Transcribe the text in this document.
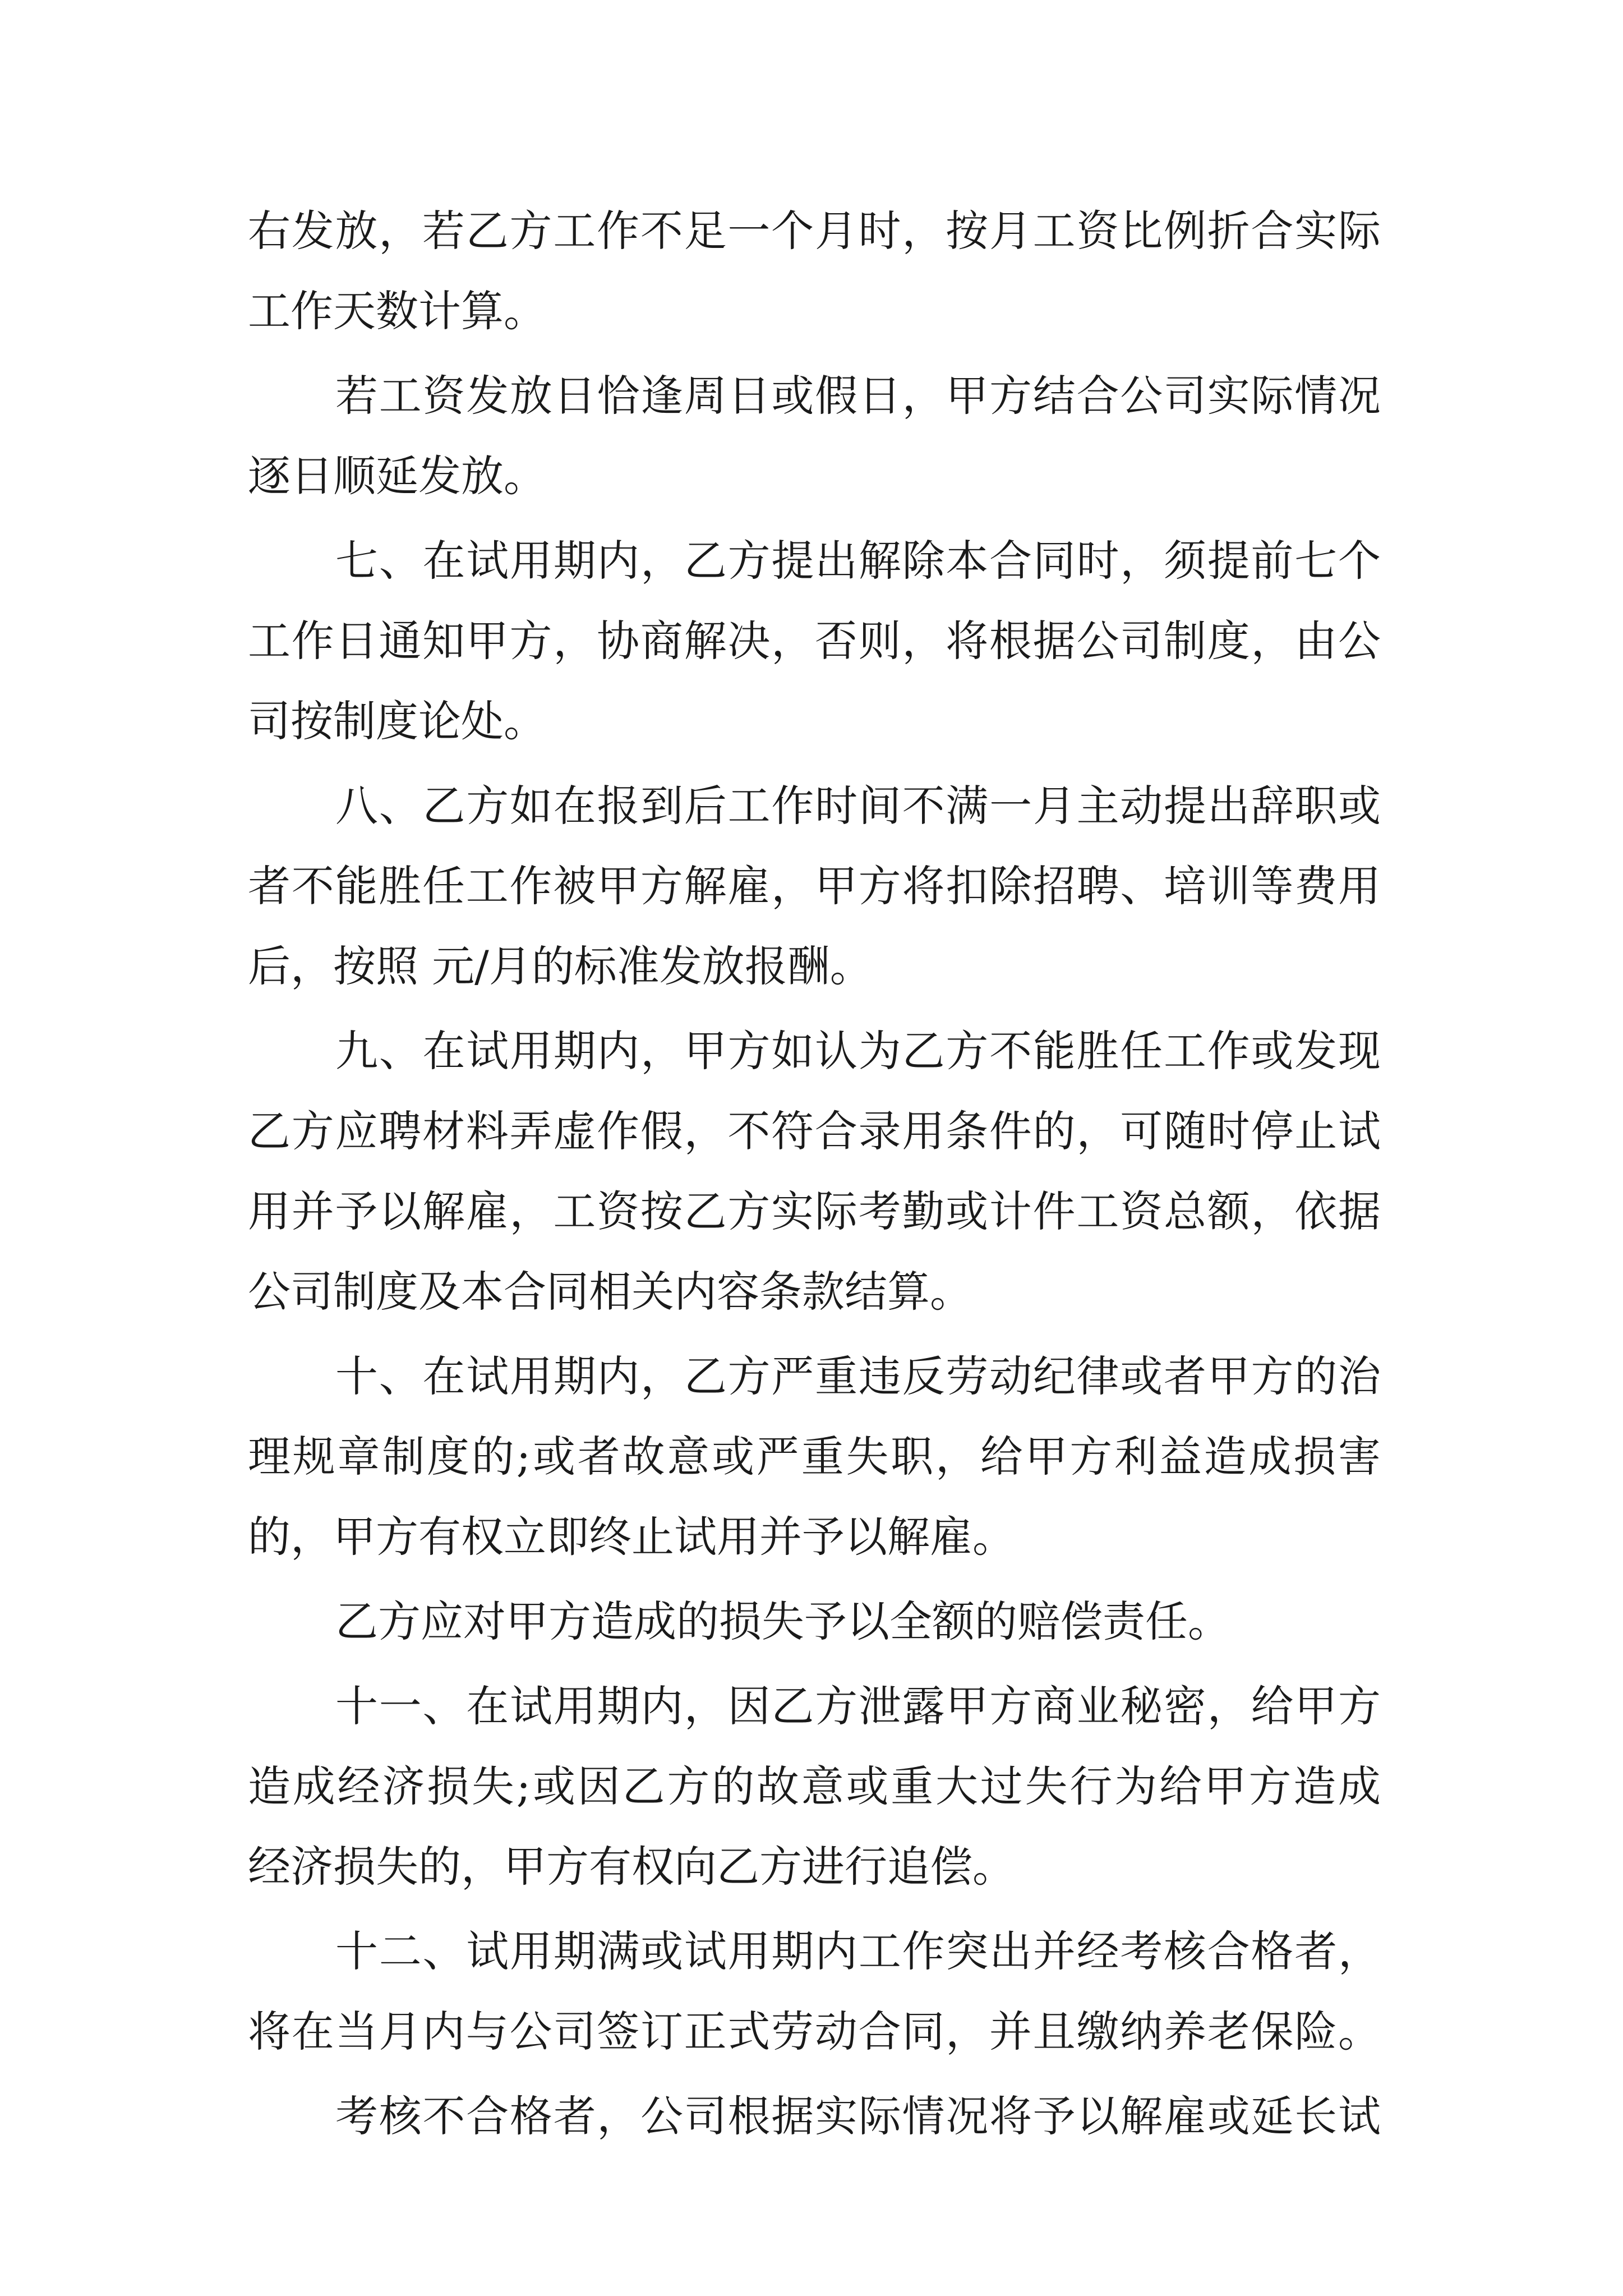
右发放，若乙方工作不足一个月时，按月工资比例折合实际
工作天数计算。
若工资发放日恰逢周日或假日，甲方结合公司实际情况
逐日顺延发放。
七、在试用期内，乙方提出解除本合同时，须提前七个
工作日通知甲方，协商解决，否则，将根据公司制度，由公
司按制度论处。
八、乙方如在报到后工作时间不满一月主动提出辞职或
者不能胜任工作被甲方解雇，甲方将扣除招聘、培训等费用
后，按照 元/月的标准发放报酬。
九、在试用期内，甲方如认为乙方不能胜任工作或发现
乙方应聘材料弄虚作假，不符合录用条件的，可随时停止试
用并予以解雇，工资按乙方实际考勤或计件工资总额，依据
公司制度及本合同相关内容条款结算。
十、在试用期内，乙方严重违反劳动纪律或者甲方的治
理规章制度的;或者故意或严重失职，给甲方利益造成损害
的，甲方有权立即终止试用并予以解雇。
乙方应对甲方造成的损失予以全额的赔偿责任。
十一、在试用期内，因乙方泄露甲方商业秘密，给甲方
造成经济损失;或因乙方的故意或重大过失行为给甲方造成
经济损失的，甲方有权向乙方进行追偿。
十二、试用期满或试用期内工作突出并经考核合格者，
将在当月内与公司签订正式劳动合同，并且缴纳养老保险。
考核不合格者，公司根据实际情况将予以解雇或延长试
